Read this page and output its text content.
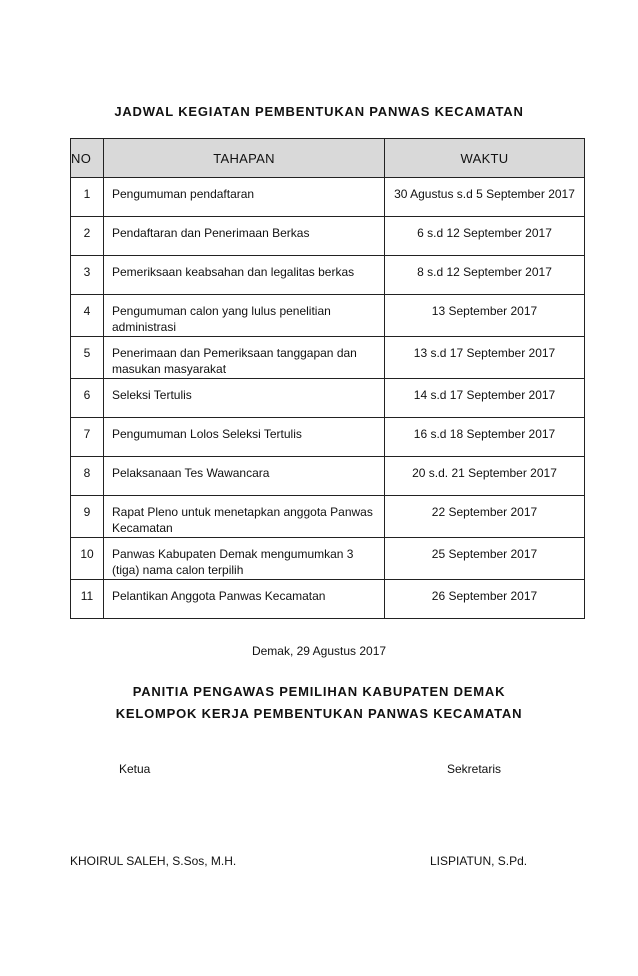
JADWAL KEGIATAN PEMBENTUKAN PANWAS KECAMATAN
NO	TAHAPAN	WAKTU
1	Pengumuman pendaftaran	30 Agustus s.d 5 September 2017
2	Pendaftaran dan Penerimaan Berkas	6 s.d 12 September 2017
3	Pemeriksaan keabsahan dan legalitas berkas	8 s.d 12 September 2017
4	Pengumuman calon yang lulus penelitian administrasi	13 September 2017
5	Penerimaan dan Pemeriksaan tanggapan dan masukan masyarakat	13 s.d 17 September 2017
6	Seleksi Tertulis	14 s.d 17 September 2017
7	Pengumuman Lolos Seleksi Tertulis	16 s.d 18 September 2017
8	Pelaksanaan Tes Wawancara	20 s.d. 21 September 2017
9	Rapat Pleno untuk menetapkan anggota Panwas Kecamatan	22 September 2017
10	Panwas Kabupaten Demak mengumumkan 3 (tiga) nama calon terpilih	25 September 2017
11	Pelantikan Anggota Panwas Kecamatan	26 September 2017
Demak, 29 Agustus 2017
PANITIA PENGAWAS PEMILIHAN KABUPATEN DEMAK
KELOMPOK KERJA PEMBENTUKAN PANWAS KECAMATAN
Ketua	Sekretaris
KHOIRUL SALEH, S.Sos, M.H.	LISPIATUN, S.Pd.
